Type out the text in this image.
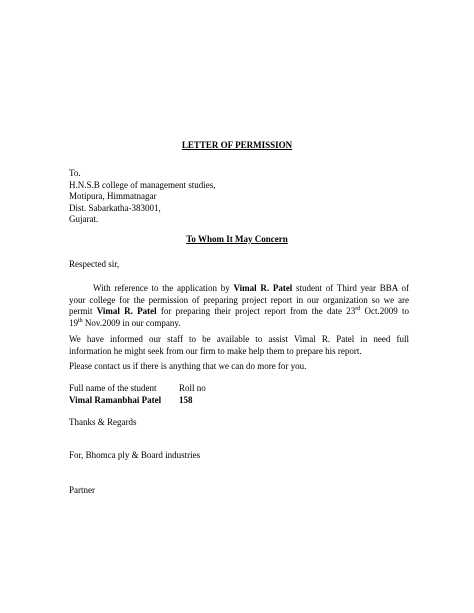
LETTER OF PERMISSION
To.
H.N.S.B college of management studies,
Motipura, Himmatnagar
Dist. Sabarkatha-383001,
Gujarat.
To Whom It May Concern
Respected sir,
With reference to the application by Vimal R. Patel student of Third year BBA of
your college for the permission of preparing project report in our organization so we are
permit Vimal R. Patel for preparing their project report from the date 23rd Oct.2009 to
19th Nov.2009 in our company.
We have informed our staff to be available to assist Vimal R. Patel in need full
information he might seek from our firm to make help them to prepare his report.
Please contact us if there is anything that we can do more for you.
Full name of the student	Roll no
Vimal Ramanbhai Patel 158
Thanks & Regards
For, Bhomca ply & Board industries
Partner
